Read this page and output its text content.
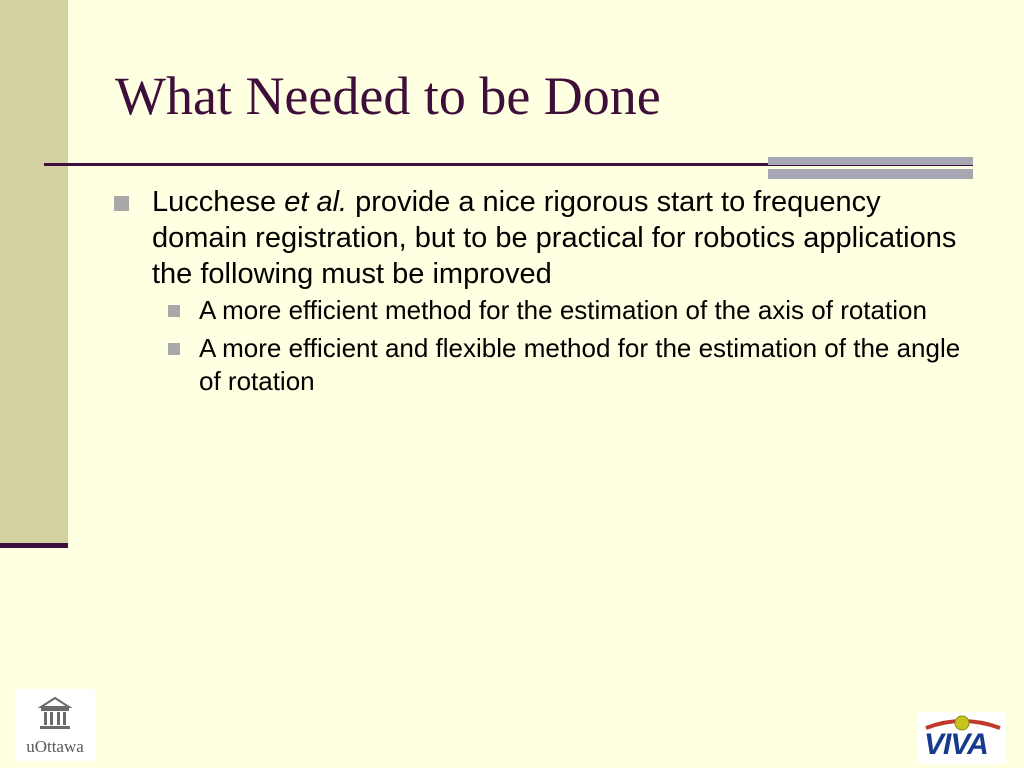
What Needed to be Done
Lucchese et al. provide a nice rigorous start to frequency domain registration, but to be practical for robotics applications the following must be improved
A more efficient method for the estimation of the axis of rotation
A more efficient and flexible method for the estimation of the angle of rotation
uOttawa	VIVA
